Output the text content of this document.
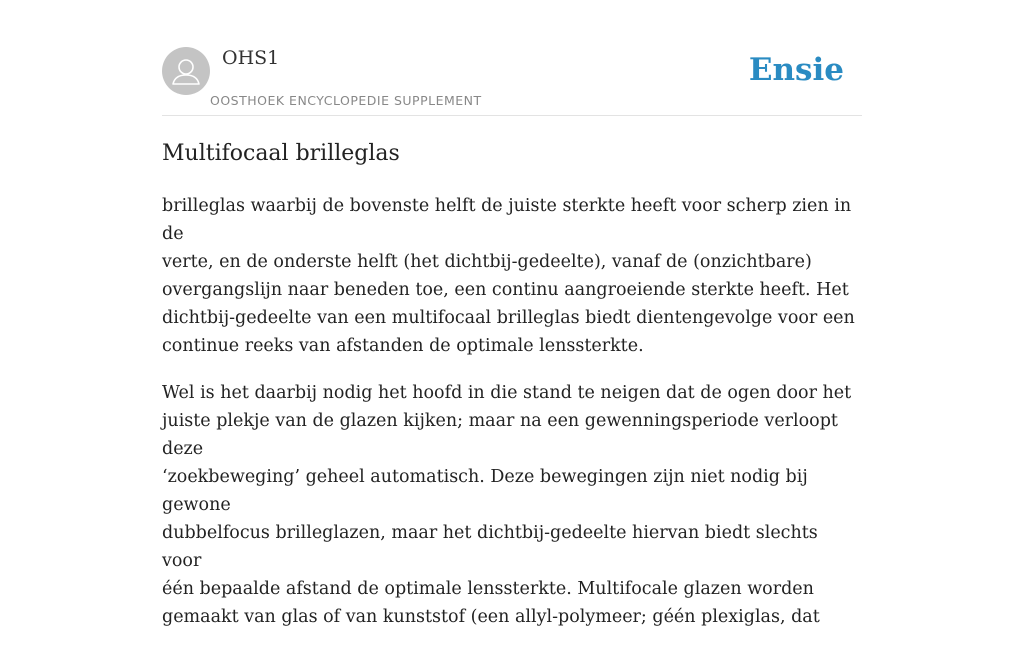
OHS1
OOSTHOEK ENCYCLOPEDIE SUPPLEMENT
Ensie
Multifocaal brilleglas

brilleglas waarbij de bovenste helft de juiste sterkte heeft voor scherp zien in de
verte, en de onderste helft (het dichtbij-gedeelte), vanaf de (onzichtbare)
overgangslijn naar beneden toe, een continu aangroeiende sterkte heeft. Het
dichtbij-gedeelte van een multifocaal brilleglas biedt dientengevolge voor een
continue reeks van afstanden de optimale lenssterkte.

Wel is het daarbij nodig het hoofd in die stand te neigen dat de ogen door het
juiste plekje van de glazen kijken; maar na een gewenningsperiode verloopt deze
‘zoekbeweging’ geheel automatisch. Deze bewegingen zijn niet nodig bij gewone
dubbelfocus brilleglazen, maar het dichtbij-gedeelte hiervan biedt slechts voor
één bepaalde afstand de optimale lenssterkte. Multifocale glazen worden
gemaakt van glas of van kunststof (een allyl-polymeer; géén plexiglas, dat
